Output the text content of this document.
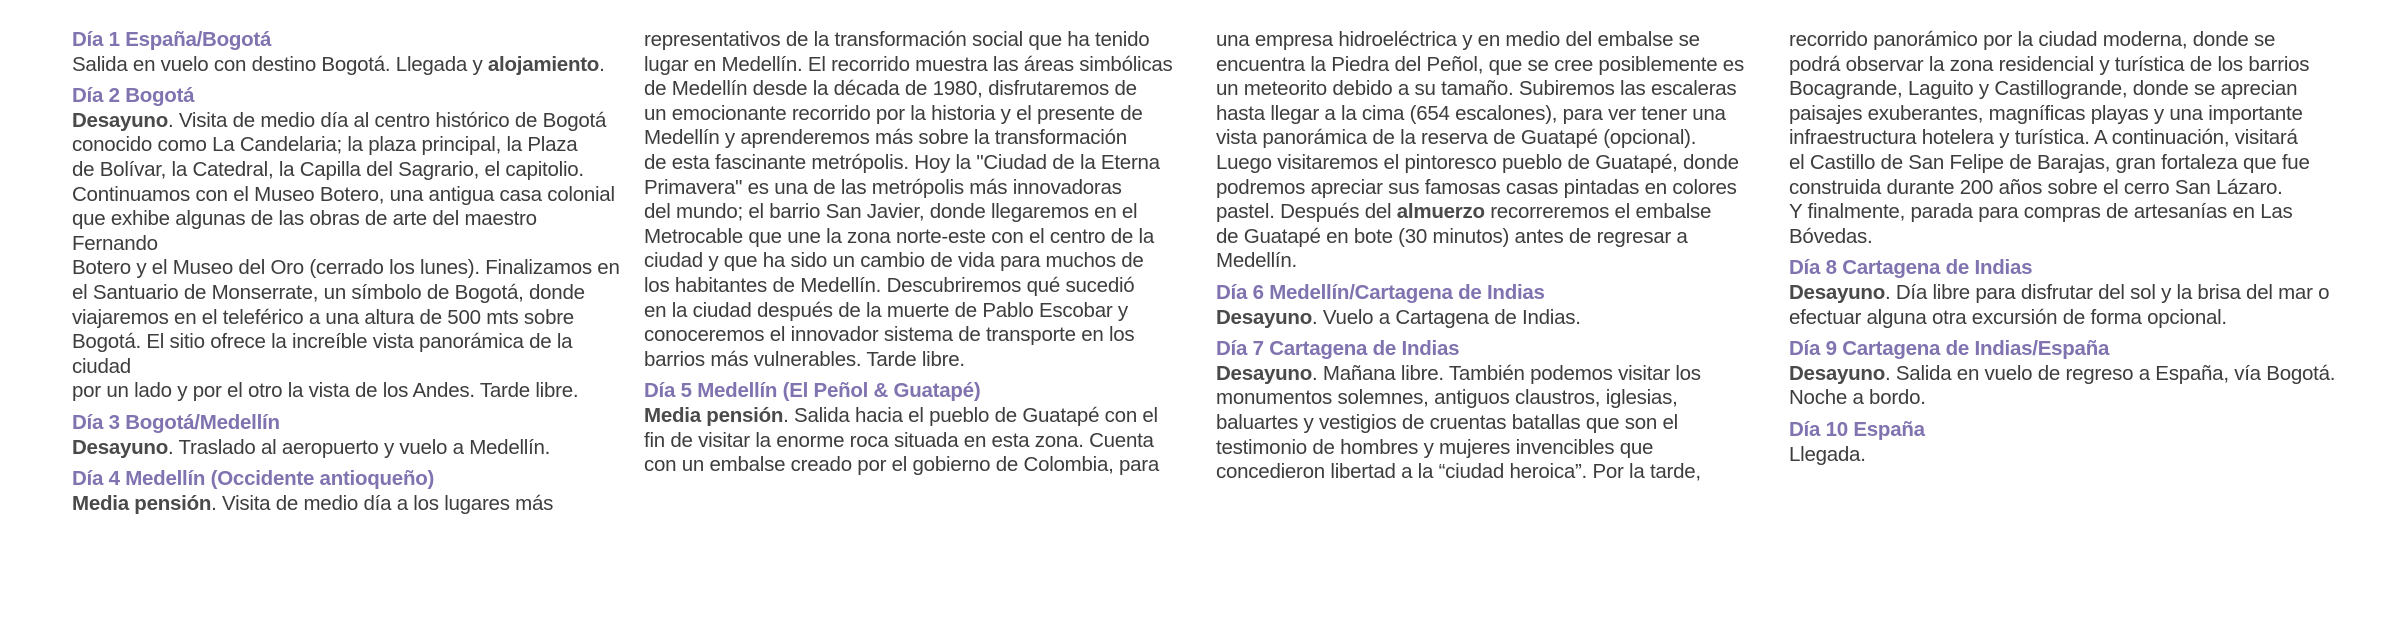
Día 1 España/Bogotá
Salida en vuelo con destino Bogotá. Llegada y alojamiento.
Día 2 Bogotá
Desayuno. Visita de medio día al centro histórico de Bogotá
conocido como La Candelaria; la plaza principal, la Plaza
de Bolívar, la Catedral, la Capilla del Sagrario, el capitolio.
Continuamos con el Museo Botero, una antigua casa colonial
que exhibe algunas de las obras de arte del maestro Fernando
Botero y el Museo del Oro (cerrado los lunes). Finalizamos en
el Santuario de Monserrate, un símbolo de Bogotá, donde
viajaremos en el teleférico a una altura de 500 mts sobre
Bogotá. El sitio ofrece la increíble vista panorámica de la ciudad
por un lado y por el otro la vista de los Andes. Tarde libre.
Día 3 Bogotá/Medellín
Desayuno. Traslado al aeropuerto y vuelo a Medellín.
Día 4 Medellín (Occidente antioqueño)
Media pensión. Visita de medio día a los lugares más
representativos de la transformación social que ha tenido
lugar en Medellín. El recorrido muestra las áreas simbólicas
de Medellín desde la década de 1980, disfrutaremos de
un emocionante recorrido por la historia y el presente de
Medellín y aprenderemos más sobre la transformación
de esta fascinante metrópolis. Hoy la "Ciudad de la Eterna
Primavera" es una de las metrópolis más innovadoras
del mundo; el barrio San Javier, donde llegaremos en el
Metrocable que une la zona norte-este con el centro de la
ciudad y que ha sido un cambio de vida para muchos de
los habitantes de Medellín. Descubriremos qué sucedió
en la ciudad después de la muerte de Pablo Escobar y
conoceremos el innovador sistema de transporte en los
barrios más vulnerables. Tarde libre.
Día 5 Medellín (El Peñol & Guatapé)
Media pensión. Salida hacia el pueblo de Guatapé con el
fin de visitar la enorme roca situada en esta zona. Cuenta
con un embalse creado por el gobierno de Colombia, para
una empresa hidroeléctrica y en medio del embalse se
encuentra la Piedra del Peñol, que se cree posiblemente es
un meteorito debido a su tamaño. Subiremos las escaleras
hasta llegar a la cima (654 escalones), para ver tener una
vista panorámica de la reserva de Guatapé (opcional).
Luego visitaremos el pintoresco pueblo de Guatapé, donde
podremos apreciar sus famosas casas pintadas en colores
pastel. Después del almuerzo recorreremos el embalse
de Guatapé en bote (30 minutos) antes de regresar a
Medellín.
Día 6 Medellín/Cartagena de Indias
Desayuno. Vuelo a Cartagena de Indias.
Día 7 Cartagena de Indias
Desayuno. Mañana libre. También podemos visitar los
monumentos solemnes, antiguos claustros, iglesias,
baluartes y vestigios de cruentas batallas que son el
testimonio de hombres y mujeres invencibles que
concedieron libertad a la “ciudad heroica”. Por la tarde,
recorrido panorámico por la ciudad moderna, donde se
podrá observar la zona residencial y turística de los barrios
Bocagrande, Laguito y Castillogrande, donde se aprecian
paisajes exuberantes, magníficas playas y una importante
infraestructura hotelera y turística. A continuación, visitará
el Castillo de San Felipe de Barajas, gran fortaleza que fue
construida durante 200 años sobre el cerro San Lázaro.
Y finalmente, parada para compras de artesanías en Las
Bóvedas.
Día 8 Cartagena de Indias
Desayuno. Día libre para disfrutar del sol y la brisa del mar o
efectuar alguna otra excursión de forma opcional.
Día 9 Cartagena de Indias/España
Desayuno. Salida en vuelo de regreso a España, vía Bogotá.
Noche a bordo.
Día 10 España
Llegada.
